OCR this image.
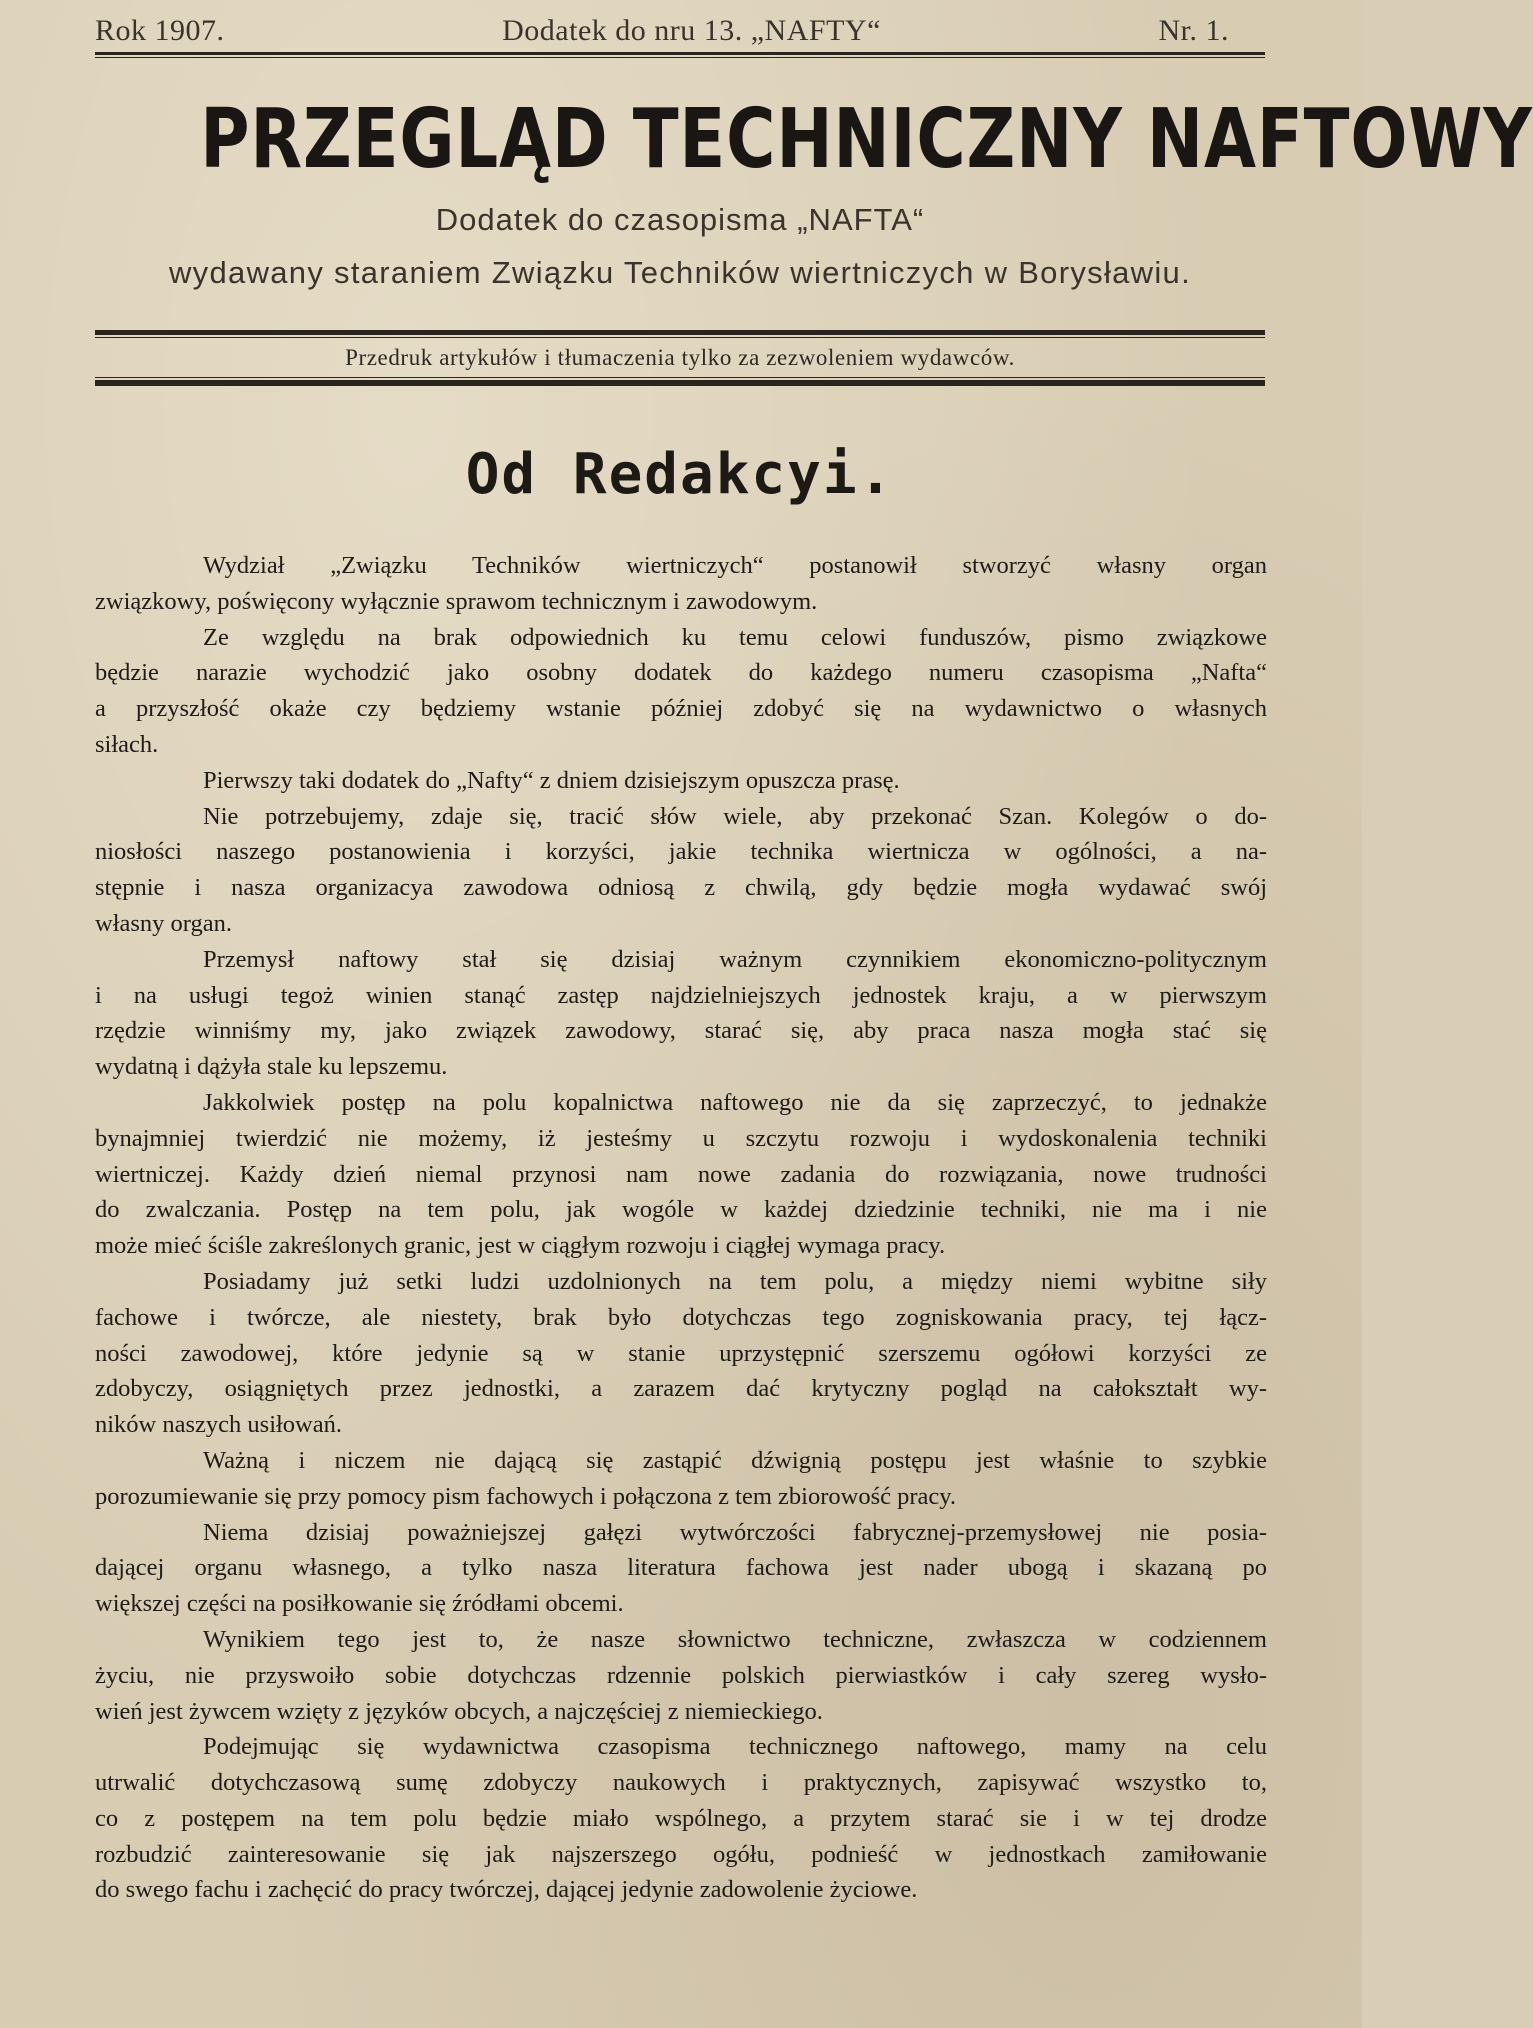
Rok 1907.	Dodatek do nru 13. „NAFTY“	Nr. 1.
PRZEGLĄD TECHNICZNY NAFTOWY
Dodatek do czasopisma „NAFTA“
wydawany staraniem Związku Techników wiertniczych w Borysławiu.
Przedruk artykułów i tłumaczenia tylko za zezwoleniem wydawców.
Od Redakcyi.
Wydział „Związku Techników wiertniczych“ postanowił stworzyć własny organ
związkowy, poświęcony wyłącznie sprawom technicznym i zawodowym.
Ze względu na brak odpowiednich ku temu celowi funduszów, pismo związkowe
będzie narazie wychodzić jako osobny dodatek do każdego numeru czasopisma „Nafta“
a przyszłość okaże czy będziemy wstanie później zdobyć się na wydawnictwo o własnych
siłach.
Pierwszy taki dodatek do „Nafty“ z dniem dzisiejszym opuszcza prasę.
Nie potrzebujemy, zdaje się, tracić słów wiele, aby przekonać Szan. Kolegów o do-
niosłości naszego postanowienia i korzyści, jakie technika wiertnicza w ogólności, a na-
stępnie i nasza organizacya zawodowa odniosą z chwilą, gdy będzie mogła wydawać swój
własny organ.
Przemysł naftowy stał się dzisiaj ważnym czynnikiem ekonomiczno-politycznym
i na usługi tegoż winien stanąć zastęp najdzielniejszych jednostek kraju, a w pierwszym
rzędzie winniśmy my, jako związek zawodowy, starać się, aby praca nasza mogła stać się
wydatną i dążyła stale ku lepszemu.
Jakkolwiek postęp na polu kopalnictwa naftowego nie da się zaprzeczyć, to jednakże
bynajmniej twierdzić nie możemy, iż jesteśmy u szczytu rozwoju i wydoskonalenia techniki
wiertniczej. Każdy dzień niemal przynosi nam nowe zadania do rozwiązania, nowe trudności
do zwalczania. Postęp na tem polu, jak wogóle w każdej dziedzinie techniki, nie ma i nie
może mieć ściśle zakreślonych granic, jest w ciągłym rozwoju i ciągłej wymaga pracy.
Posiadamy już setki ludzi uzdolnionych na tem polu, a między niemi wybitne siły
fachowe i twórcze, ale niestety, brak było dotychczas tego zogniskowania pracy, tej łącz-
ności zawodowej, które jedynie są w stanie uprzystępnić szerszemu ogółowi korzyści ze
zdobyczy, osiągniętych przez jednostki, a zarazem dać krytyczny pogląd na całokształt wy-
ników naszych usiłowań.
Ważną i niczem nie dającą się zastąpić dźwignią postępu jest właśnie to szybkie
porozumiewanie się przy pomocy pism fachowych i połączona z tem zbiorowość pracy.
Niema dzisiaj poważniejszej gałęzi wytwórczości fabrycznej-przemysłowej nie posia-
dającej organu własnego, a tylko nasza literatura fachowa jest nader ubogą i skazaną po
większej części na posiłkowanie się źródłami obcemi.
Wynikiem tego jest to, że nasze słownictwo techniczne, zwłaszcza w codziennem
życiu, nie przyswoiło sobie dotychczas rdzennie polskich pierwiastków i cały szereg wysło-
wień jest żywcem wzięty z języków obcych, a najczęściej z niemieckiego.
Podejmując się wydawnictwa czasopisma technicznego naftowego, mamy na celu
utrwalić dotychczasową sumę zdobyczy naukowych i praktycznych, zapisywać wszystko to,
co z postępem na tem polu będzie miało wspólnego, a przytem starać sie i w tej drodze
rozbudzić zainteresowanie się jak najszerszego ogółu, podnieść w jednostkach zamiłowanie
do swego fachu i zachęcić do pracy twórczej, dającej jedynie zadowolenie życiowe.
